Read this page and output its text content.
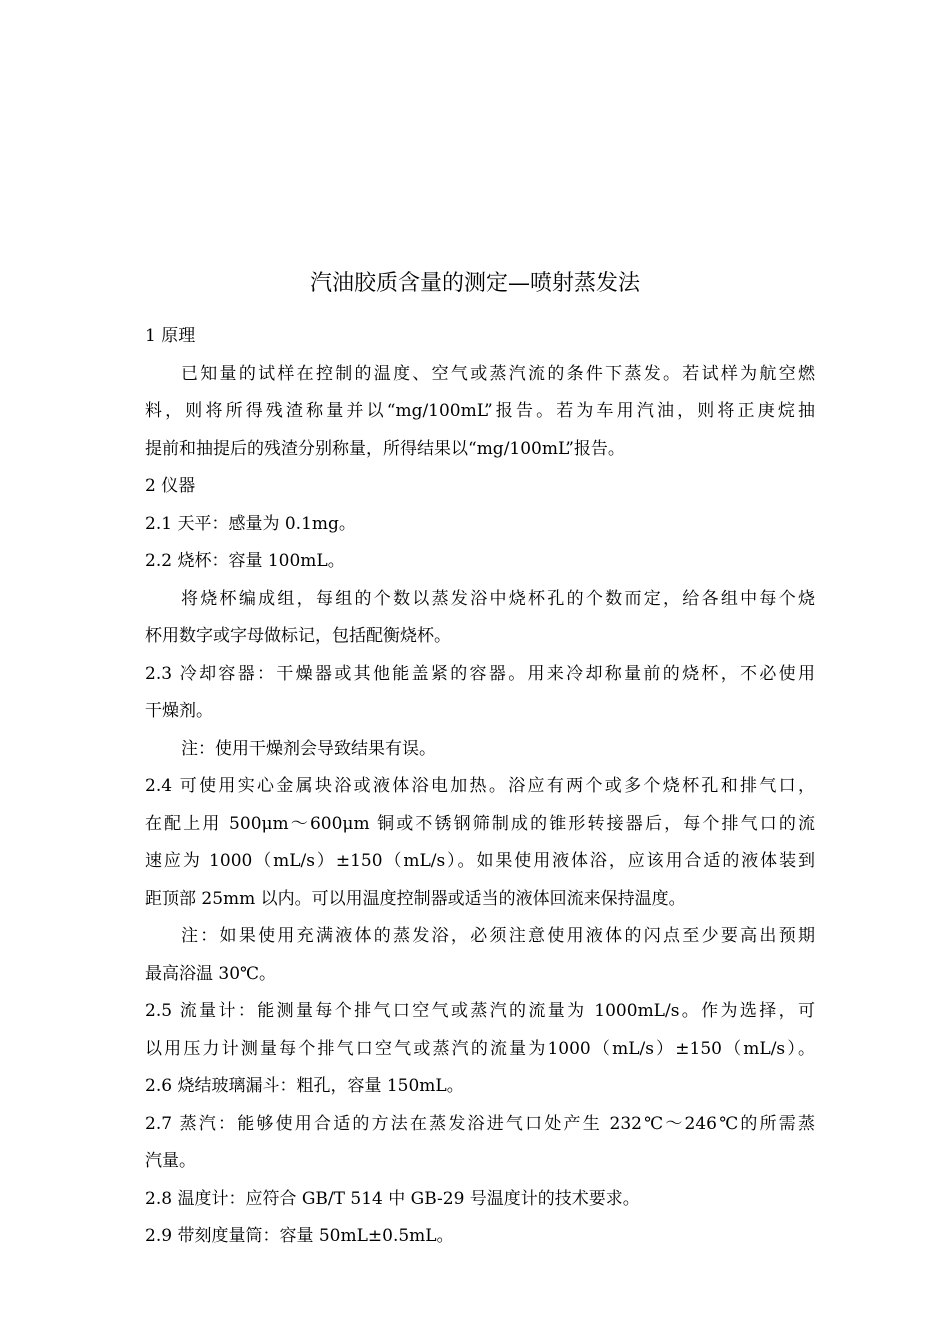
汽油胶质含量的测定—喷射蒸发法
1 原理
已知量的试样在控制的温度、空气或蒸汽流的条件下蒸发。若试样为航空燃
料，则将所得残渣称量并以“mg/100mL”报告。若为车用汽油，则将正庚烷抽
提前和抽提后的残渣分别称量，所得结果以“mg/100mL”报告。
2 仪器
2.1 天平：感量为 0.1mg。
2.2 烧杯：容量 100mL。
将烧杯编成组，每组的个数以蒸发浴中烧杯孔的个数而定，给各组中每个烧
杯用数字或字母做标记，包括配衡烧杯。
2.3 冷却容器：干燥器或其他能盖紧的容器。用来冷却称量前的烧杯，不必使用
干燥剂。
注：使用干燥剂会导致结果有误。
2.4 可使用实心金属块浴或液体浴电加热。浴应有两个或多个烧杯孔和排气口，
在配上用 500μm～600μm 铜或不锈钢筛制成的锥形转接器后，每个排气口的流
速应为 1000（mL/s）±150（mL/s）。如果使用液体浴，应该用合适的液体装到
距顶部 25mm 以内。可以用温度控制器或适当的液体回流来保持温度。
注：如果使用充满液体的蒸发浴，必须注意使用液体的闪点至少要高出预期
最高浴温 30℃。
2.5 流量计：能测量每个排气口空气或蒸汽的流量为 1000mL/s。作为选择，可
以用压力计测量每个排气口空气或蒸汽的流量为1000（mL/s）±150（mL/s）。
2.6 烧结玻璃漏斗：粗孔，容量 150mL。
2.7 蒸汽：能够使用合适的方法在蒸发浴进气口处产生 232℃～246℃的所需蒸
汽量。
2.8 温度计：应符合 GB/T 514 中 GB-29 号温度计的技术要求。
2.9 带刻度量筒：容量 50mL±0.5mL。
